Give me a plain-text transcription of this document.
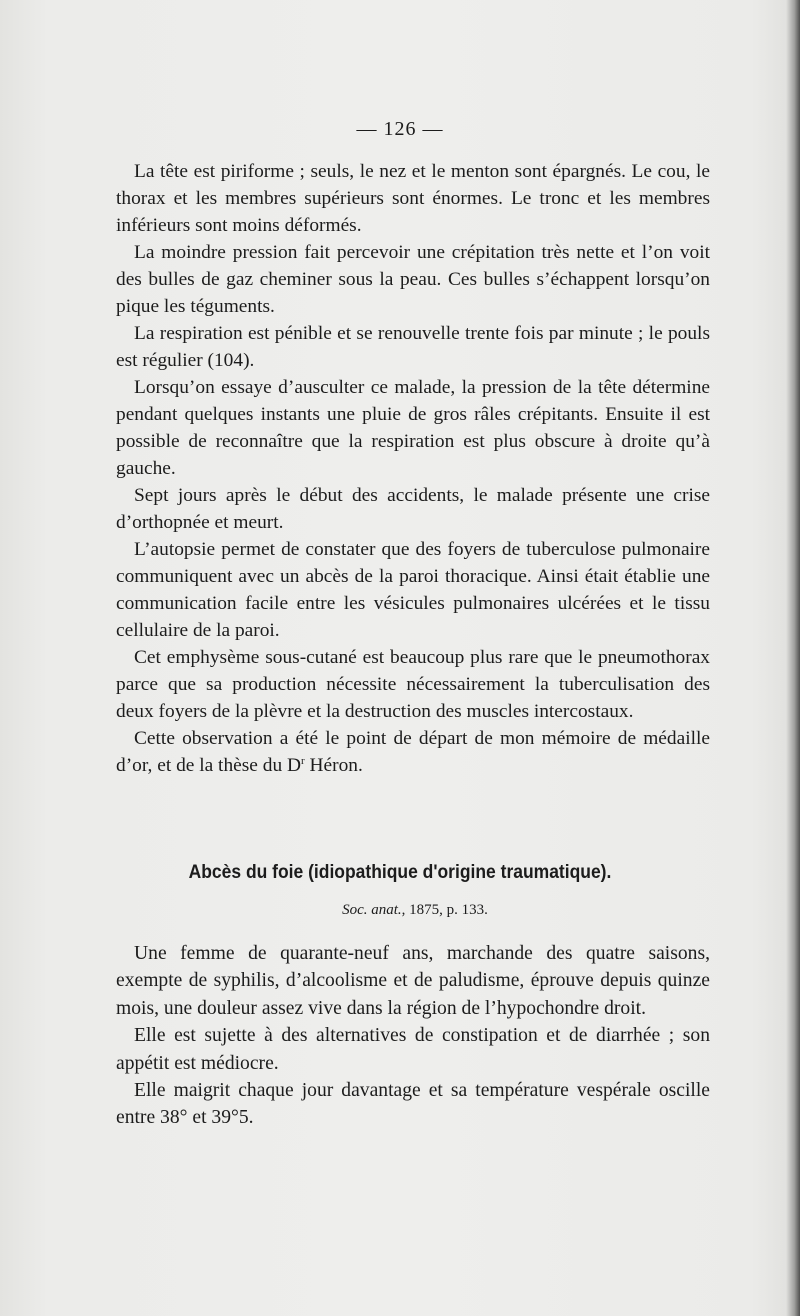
— 126 —

La tête est piriforme ; seuls, le nez et le menton sont épargnés. Le cou, le thorax et les membres supérieurs sont énormes. Le tronc et les membres inférieurs sont moins déformés.

La moindre pression fait percevoir une crépitation très nette et l’on voit des bulles de gaz cheminer sous la peau. Ces bulles s’échappent lorsqu’on pique les téguments.

La respiration est pénible et se renouvelle trente fois par minute ; le pouls est régulier (104).

Lorsqu’on essaye d’ausculter ce malade, la pression de la tête détermine pendant quelques instants une pluie de gros râles crépitants. Ensuite il est possible de reconnaître que la respiration est plus obscure à droite qu’à gauche.

Sept jours après le début des accidents, le malade présente une crise d’orthopnée et meurt.

L’autopsie permet de constater que des foyers de tuberculose pulmonaire communiquent avec un abcès de la paroi thoracique. Ainsi était établie une communication facile entre les vésicules pulmonaires ulcérées et le tissu cellulaire de la paroi.

Cet emphysème sous-cutané est beaucoup plus rare que le pneumothorax parce que sa production nécessite nécessairement la tuberculisation des deux foyers de la plèvre et la destruction des muscles intercostaux.

Cette observation a été le point de départ de mon mémoire de médaille d’or, et de la thèse du $D^r$ Héron.

Abcès du foie (idiopathique d'origine traumatique).
Soc. anat., 1875, p. 133.

Une femme de quarante-neuf ans, marchande des quatre saisons, exempte de syphilis, d’alcoolisme et de paludisme, éprouve depuis quinze mois, une douleur assez vive dans la région de l’hypochondre droit.

Elle est sujette à des alternatives de constipation et de diarrhée ; son appétit est médiocre.

Elle maigrit chaque jour davantage et sa température vespérale oscille entre 38° et 39°5.
